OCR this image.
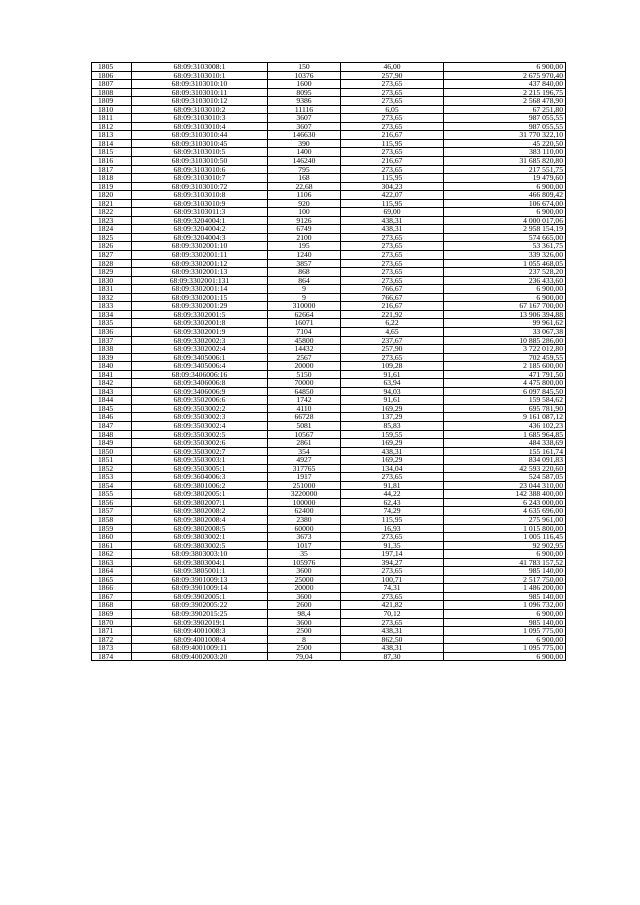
1805	68:09:3103008:1	150	46,00	6 900,00
1806	68:09:3103010:1	10376	257,90	2 675 970,40
1807	68:09:3103010:10	1600	273,65	437 840,00
1808	68:09:3103010:11	8095	273,65	2 215 196,75
1809	68:09:3103010:12	9386	273,65	2 568 478,90
1810	68:09:3103010:2	11116	6,05	67 251,80
1811	68:09:3103010:3	3607	273,65	987 055,55
1812	68:09:3103010:4	3607	273,65	987 055,55
1813	68:09:3103010:44	146630	216,67	31 770 322,10
1814	68:09:3103010:45	390	115,95	45 220,50
1815	68:09:3103010:5	1400	273,65	383 110,00
1816	68:09:3103010:50	146240	216,67	31 685 820,80
1817	68:09:3103010:6	795	273,65	217 551,75
1818	68:09:3103010:7	168	115,95	19 479,60
1819	68:09:3103010:72	22,68	304,23	6 900,00
1820	68:09:3103010:8	1106	422,07	466 809,42
1821	68:09:3103010:9	920	115,95	106 674,00
1822	68:09:3103011:3	100	69,00	6 900,00
1823	68:09:3204004:1	9126	438,31	4 000 017,06
1824	68:09:3204004:2	6749	438,31	2 958 154,19
1825	68:09:3204004:3	2100	273,65	574 665,00
1826	68:09:3302001:10	195	273,65	53 361,75
1827	68:09:3302001:11	1240	273,65	339 326,00
1828	68:09:3302001:12	3857	273,65	1 055 468,05
1829	68:09:3302001:13	868	273,65	237 528,20
1830	68:09:3302001:131	864	273,65	236 433,60
1831	68:09:3302001:14	9	766,67	6 900,00
1832	68:09:3302001:15	9	766,67	6 900,00
1833	68:09:3302001:29	310000	216,67	67 167 700,00
1834	68:09:3302001:5	62664	221,92	13 906 394,88
1835	68:09:3302001:8	16071	6,22	99 961,62
1836	68:09:3302001:9	7104	4,65	33 067,38
1837	68:09:3302002:3	45800	237,67	10 885 286,00
1838	68:09:3302002:4	14432	257,90	3 722 012,80
1839	68:09:3405006:1	2567	273,65	702 459,55
1840	68:09:3405006:4	20000	109,28	2 185 600,00
1841	68:09:3406006:16	5150	91,61	471 791,50
1842	68:09:3406006:8	70000	63,94	4 475 800,00
1843	68:09:3406006:9	64850	94,03	6 097 845,50
1844	68:09:3502006:6	1742	91,61	159 584,62
1845	68:09:3503002:2	4110	169,29	695 781,90
1846	68:09:3503002:3	66728	137,29	9 161 087,12
1847	68:09:3503002:4	5081	85,83	436 102,23
1848	68:09:3503002:5	10567	159,55	1 685 964,85
1849	68:09:3503002:6	2861	169,29	484 338,69
1850	68:09:3503002:7	354	438,31	155 161,74
1851	68:09:3503003:1	4927	169,29	834 091,83
1852	68:09:3503005:1	317765	134,04	42 593 220,60
1853	68:09:3604006:3	1917	273,65	524 587,05
1854	68:09:3801006:2	251000	91,81	23 044 310,00
1855	68:09:3802005:1	3220000	44,22	142 388 400,00
1856	68:09:3802007:1	100000	62,43	6 243 000,00
1857	68:09:3802008:2	62400	74,29	4 635 696,00
1858	68:09:3802008:4	2380	115,95	275 961,00
1859	68:09:3802008:5	60000	16,93	1 015 800,00
1860	68:09:3803002:1	3673	273,65	1 005 116,45
1861	68:09:3803002:5	1017	91,35	92 902,95
1862	68:09:3803003:10	35	197,14	6 900,00
1863	68:09:3803004:1	105976	394,27	41 783 157,52
1864	68:09:3805001:1	3600	273,65	985 140,00
1865	68:09:3901009:13	25000	100,71	2 517 750,00
1866	68:09:3901009:14	20000	74,31	1 486 200,00
1867	68:09:3902005:1	3600	273,65	985 140,00
1868	68:09:3902005:22	2600	421,82	1 096 732,00
1869	68:09:3902015:25	98,4	70,12	6 900,00
1870	68:09:3902019:1	3600	273,65	985 140,00
1871	68:09:4001008:3	2500	438,31	1 095 775,00
1872	68:09:4001008:4	8	862,50	6 900,00
1873	68:09:4001009:11	2500	438,31	1 095 775,00
1874	68:09:4002003:20	79,04	87,30	6 900,00
